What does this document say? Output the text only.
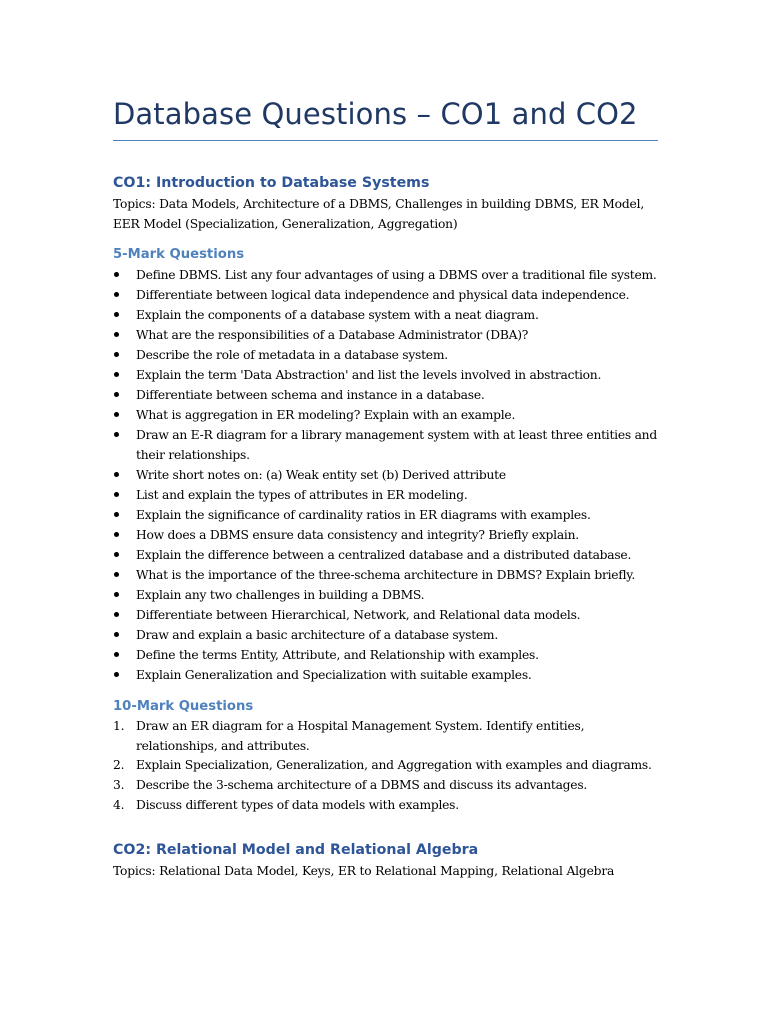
Database Questions – CO1 and CO2
CO1: Introduction to Database Systems

Topics: Data Models, Architecture of a DBMS, Challenges in building DBMS, ER Model, EER Model (Specialization, Generalization, Aggregation)

5-Mark Questions
Define DBMS. List any four advantages of using a DBMS over a traditional file system.
Differentiate between logical data independence and physical data independence.
Explain the components of a database system with a neat diagram.
What are the responsibilities of a Database Administrator (DBA)?
Describe the role of metadata in a database system.
Explain the term 'Data Abstraction' and list the levels involved in abstraction.
Differentiate between schema and instance in a database.
What is aggregation in ER modeling? Explain with an example.
Draw an E-R diagram for a library management system with at least three entities and their relationships.
Write short notes on: (a) Weak entity set (b) Derived attribute
List and explain the types of attributes in ER modeling.
Explain the significance of cardinality ratios in ER diagrams with examples.
How does a DBMS ensure data consistency and integrity? Briefly explain.
Explain the difference between a centralized database and a distributed database.
What is the importance of the three-schema architecture in DBMS? Explain briefly.
Explain any two challenges in building a DBMS.
Differentiate between Hierarchical, Network, and Relational data models.
Draw and explain a basic architecture of a database system.
Define the terms Entity, Attribute, and Relationship with examples.
Explain Generalization and Specialization with suitable examples.
10-Mark Questions
1. Draw an ER diagram for a Hospital Management System. Identify entities, relationships, and attributes.
2. Explain Specialization, Generalization, and Aggregation with examples and diagrams.
3. Describe the 3-schema architecture of a DBMS and discuss its advantages.
4. Discuss different types of data models with examples.
CO2: Relational Model and Relational Algebra

Topics: Relational Data Model, Keys, ER to Relational Mapping, Relational Algebra
